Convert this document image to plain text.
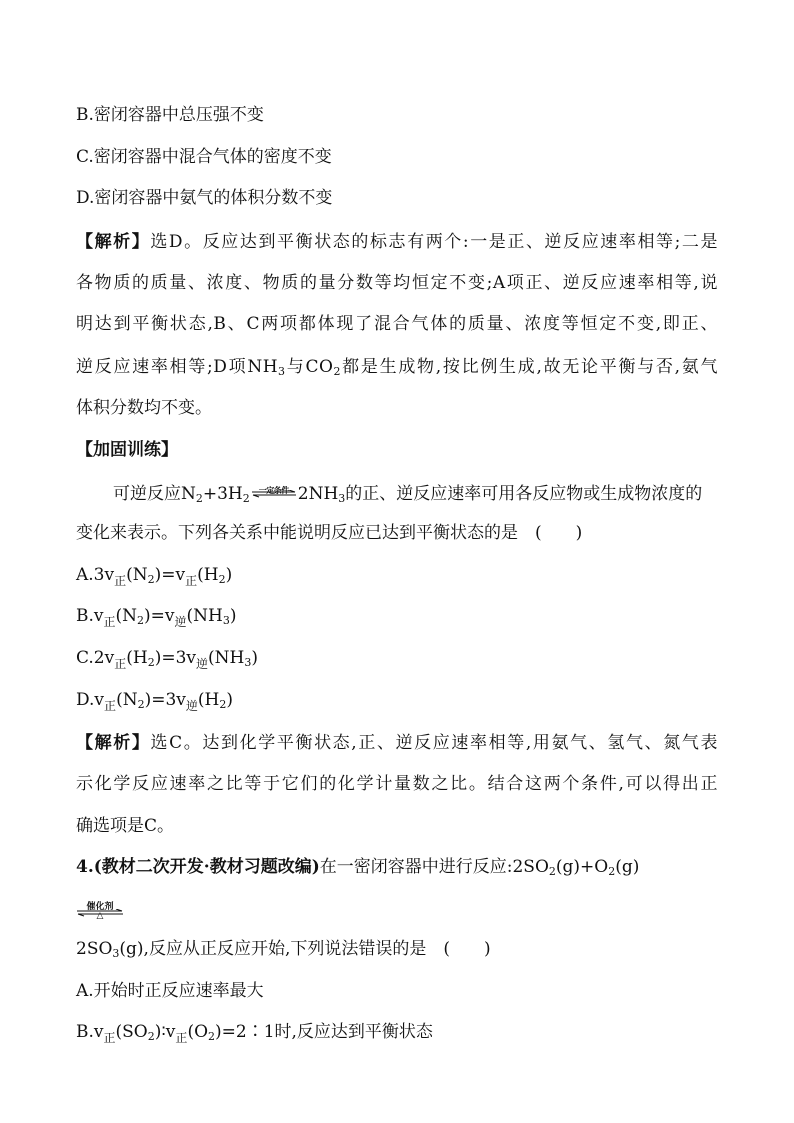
B.密闭容器中总压强不变
C.密闭容器中混合气体的密度不变
D.密闭容器中氨气的体积分数不变
【解析】选D。反应达到平衡状态的标志有两个:一是正、逆反应速率相等;二是
各物质的质量、浓度、物质的量分数等均恒定不变;A项正、逆反应速率相等,说
明达到平衡状态,B、C两项都体现了混合气体的质量、浓度等恒定不变,即正、
逆反应速率相等;D项$NH_3$与$CO_2$都是生成物,按比例生成,故无论平衡与否,氨气
体积分数均不变。
【加固训练】
可逆反应$N_2+3H_2$
一定条件 $2NH_3$的正、逆反应速率可用各反应物或生成物浓度的
变化来表示。下列各关系中能说明反应已达到平衡状态的是　(　　)
$A.3v_正(N_2)=v_正(H_2)$
$B.v_正(N_2)=v_逆(NH_3)$
$C.2v_正(H_2)=3v_逆(NH_3)$
$D.v_正(N_2)=3v_逆(H_2)$
【解析】选C。达到化学平衡状态,正、逆反应速率相等,用氨气、氢气、氮气表
示化学反应速率之比等于它们的化学计量数之比。结合这两个条件,可以得出正
确选项是C。
4.(教材二次开发·教材习题改编)在一密闭容器中进行反应$:2SO_2(g)+O_2(g)$
催化剂
△
$2SO_3(g)$,反应从正反应开始,下列说法错误的是　(　　)
A.开始时正反应速率最大
$B.v_正(SO_2)∶v_正(O_2)=2∶1$时,反应达到平衡状态
